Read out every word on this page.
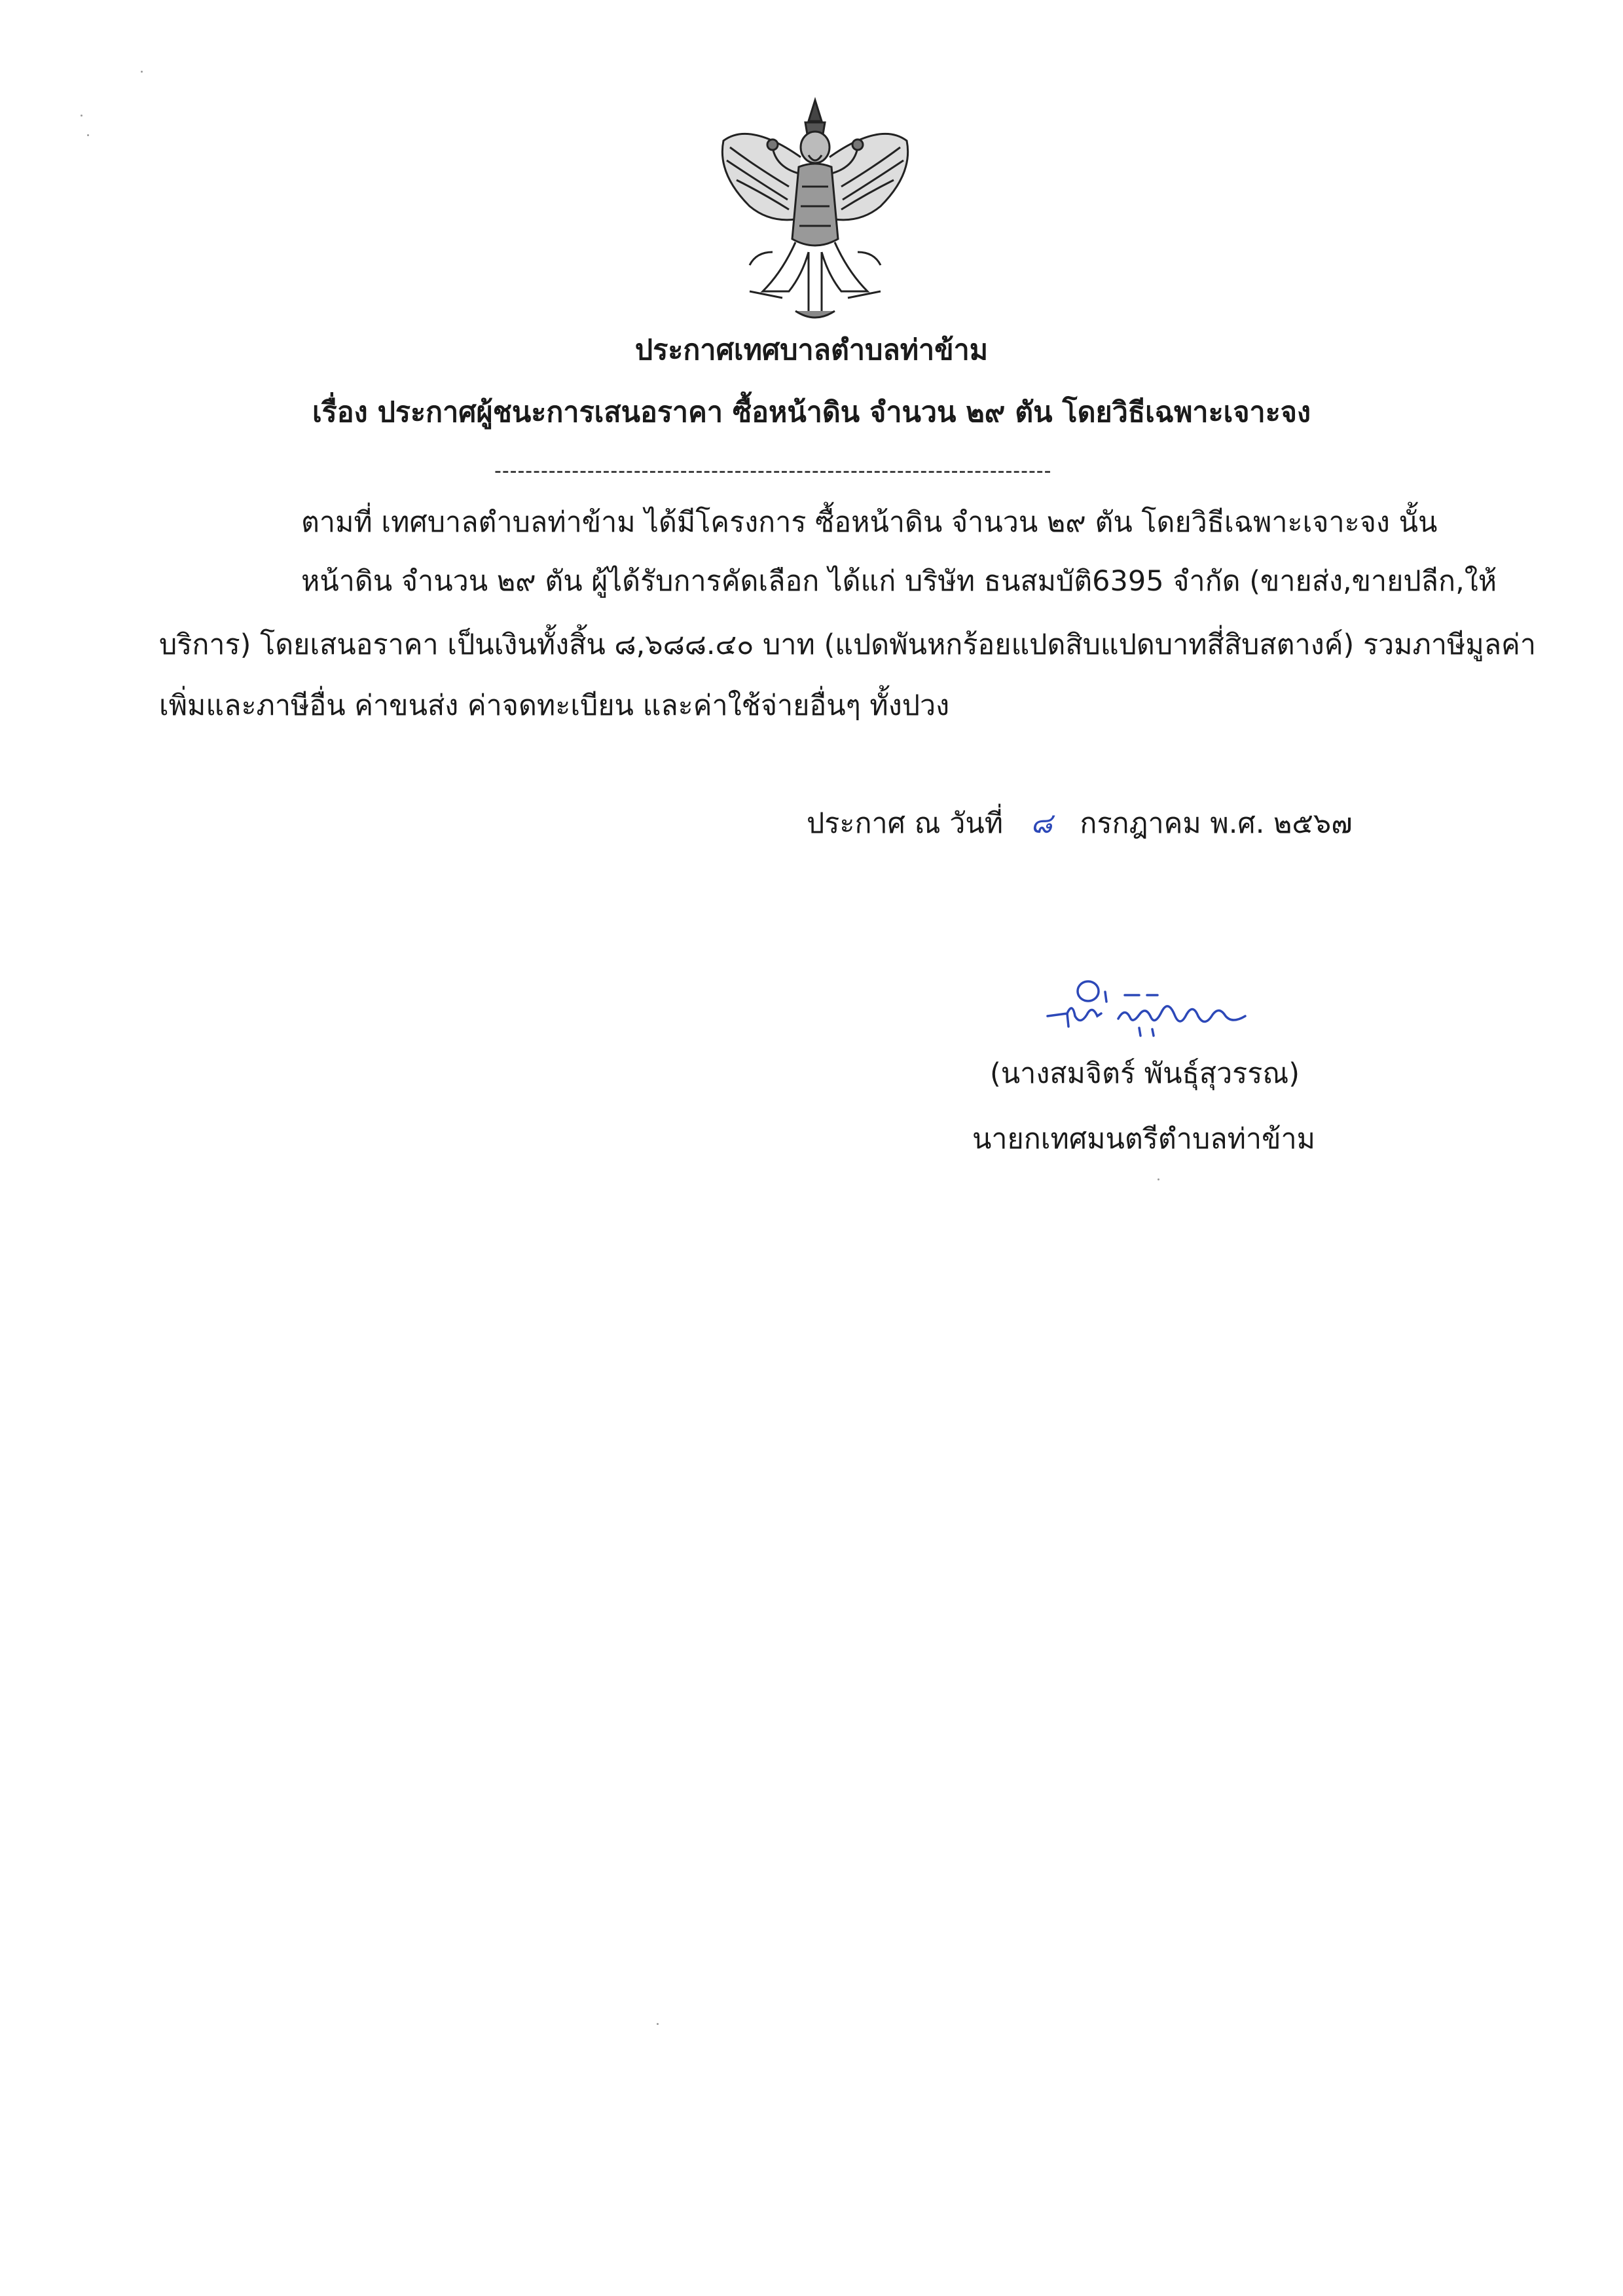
ประกาศเทศบาลตำบลท่าข้าม
เรื่อง ประกาศผู้ชนะการเสนอราคา ซื้อหน้าดิน จำนวน ๒๙ ตัน โดยวิธีเฉพาะเจาะจง
------------------------------------------------------------------------
ตามที่ เทศบาลตำบลท่าข้าม ได้มีโครงการ ซื้อหน้าดิน จำนวน ๒๙ ตัน โดยวิธีเฉพาะเจาะจง นั้น
หน้าดิน จำนวน ๒๙ ตัน ผู้ได้รับการคัดเลือก ได้แก่ บริษัท ธนสมบัติ6395 จำกัด (ขายส่ง,ขายปลีก,ให้
บริการ) โดยเสนอราคา เป็นเงินทั้งสิ้น ๘,๖๘๘.๔๐ บาท (แปดพันหกร้อยแปดสิบแปดบาทสี่สิบสตางค์) รวมภาษีมูลค่า
เพิ่มและภาษีอื่น ค่าขนส่ง ค่าจดทะเบียน และค่าใช้จ่ายอื่นๆ ทั้งปวง
ประกาศ ณ วันที่ ๘ กรกฎาคม พ.ศ. ๒๕๖๗
(นางสมจิตร์ พันธุ์สุวรรณ)
นายกเทศมนตรีตำบลท่าข้าม
